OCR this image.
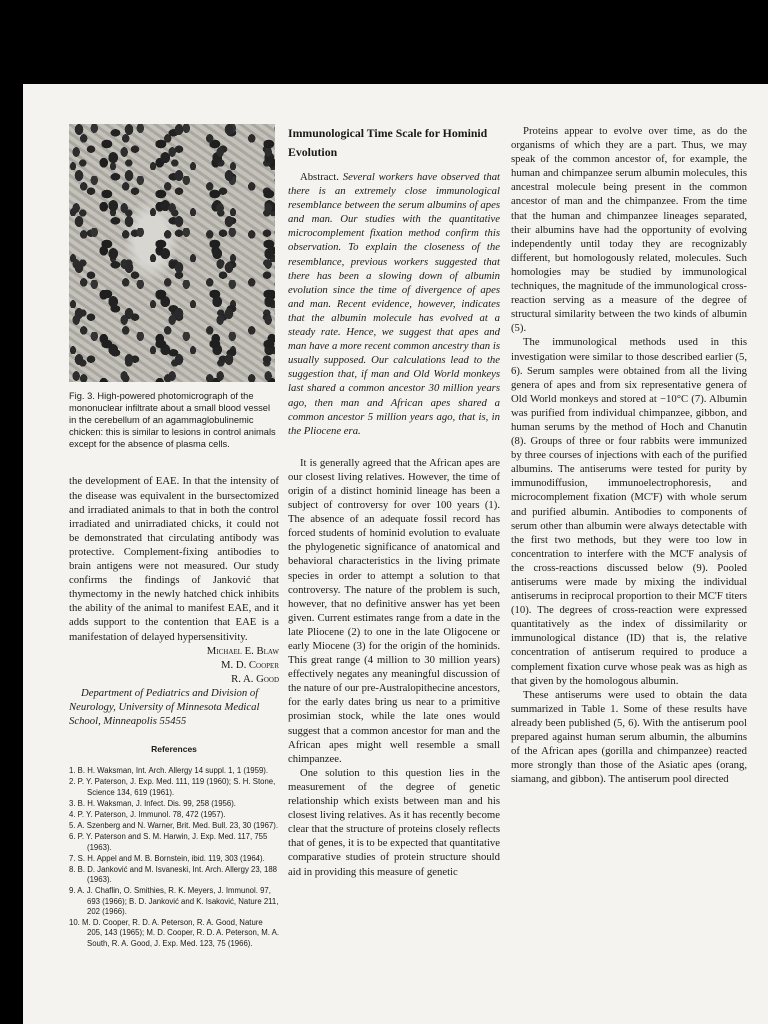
Fig. 3. High-powered photomicrograph of the mononuclear infiltrate about a small blood vessel in the cerebellum of an agammaglobulinemic chicken: this is similar to lesions in control animals except for the absence of plasma cells.

the development of EAE. In that the intensity of the disease was equivalent in the bursectomized and irradiated animals to that in both the control irradiated and unirradiated chicks, it could not be demonstrated that circulating antibody was protective. Complement-fixing antibodies to brain antigens were not measured. Our study confirms the findings of Janković that thymectomy in the newly hatched chick inhibits the ability of the animal to manifest EAE, and it adds support to the contention that EAE is a manifestation of delayed hypersensitivity.

Michael E. Blaw

M. D. Cooper

R. A. Good

Department of Pediatrics and Division of Neurology, University of Minnesota Medical School, Minneapolis 55455

References
1. B. H. Waksman, Int. Arch. Allergy 14 suppl. 1, 1 (1959).
2. P. Y. Paterson, J. Exp. Med. 111, 119 (1960); S. H. Stone, Science 134, 619 (1961).
3. B. H. Waksman, J. Infect. Dis. 99, 258 (1956).
4. P. Y. Paterson, J. Immunol. 78, 472 (1957).
5. A. Szenberg and N. Warner, Brit. Med. Bull. 23, 30 (1967).
6. P. Y. Paterson and S. M. Harwin, J. Exp. Med. 117, 755 (1963).
7. S. H. Appel and M. B. Bornstein, ibid. 119, 303 (1964).
8. B. D. Janković and M. Isvaneski, Int. Arch. Allergy 23, 188 (1963).
9. A. J. Chaflin, O. Smithies, R. K. Meyers, J. Immunol. 97, 693 (1966); B. D. Janković and K. Isaković, Nature 211, 202 (1966).
10. M. D. Cooper, R. D. A. Peterson, R. A. Good, Nature 205, 143 (1965); M. D. Cooper, R. D. A. Peterson, M. A. South, R. A. Good, J. Exp. Med. 123, 75 (1966).
Immunological Time Scale for Hominid Evolution

Abstract. Several workers have observed that there is an extremely close immunological resemblance between the serum albumins of apes and man. Our studies with the quantitative microcomplement fixation method confirm this observation. To explain the closeness of the resemblance, previous workers suggested that there has been a slowing down of albumin evolution since the time of divergence of apes and man. Recent evidence, however, indicates that the albumin molecule has evolved at a steady rate. Hence, we suggest that apes and man have a more recent common ancestry than is usually supposed. Our calculations lead to the suggestion that, if man and Old World monkeys last shared a common ancestor 30 million years ago, then man and African apes shared a common ancestor 5 million years ago, that is, in the Pliocene era.

It is generally agreed that the African apes are our closest living relatives. However, the time of origin of a distinct hominid lineage has been a subject of controversy for over 100 years (1). The absence of an adequate fossil record has forced students of hominid evolution to evaluate the phylogenetic significance of anatomical and behavioral characteristics in the living primate species in order to attempt a solution to that controversy. The nature of the problem is such, however, that no definitive answer has yet been given. Current estimates range from a date in the late Pliocene (2) to one in the late Oligocene or early Miocene (3) for the origin of the hominids. This great range (4 million to 30 million years) effectively negates any meaningful discussion of the nature of our pre-Australopithecine ancestors, for the early dates bring us near to a primitive prosimian stock, while the late ones would suggest that a common ancestor for man and the African apes might well resemble a small chimpanzee.

One solution to this question lies in the measurement of the degree of genetic relationship which exists between man and his closest living relatives. As it has recently become clear that the structure of proteins closely reflects that of genes, it is to be expected that quantitative comparative studies of protein structure should aid in providing this measure of genetic

Proteins appear to evolve over time, as do the organisms of which they are a part. Thus, we may speak of the common ancestor of, for example, the human and chimpanzee serum albumin molecules, this ancestral molecule being present in the common ancestor of man and the chimpanzee. From the time that the human and chimpanzee lineages separated, their albumins have had the opportunity of evolving independently until today they are recognizably different, but homologously related, molecules. Such homologies may be studied by immunological techniques, the magnitude of the immunological cross-reaction serving as a measure of the degree of structural similarity between the two kinds of albumin (5).

The immunological methods used in this investigation were similar to those described earlier (5, 6). Serum samples were obtained from all the living genera of apes and from six representative genera of Old World monkeys and stored at −10°C (7). Albumin was purified from individual chimpanzee, gibbon, and human serums by the method of Hoch and Chanutin (8). Groups of three or four rabbits were immunized by three courses of injections with each of the purified albumins. The antiserums were tested for purity by immunodiffusion, immunoelectrophoresis, and microcomplement fixation (MC'F) with whole serum and purified albumin. Antibodies to components of serum other than albumin were always detectable with the first two methods, but they were too low in concentration to interfere with the MC'F analysis of the cross-reactions discussed below (9). Pooled antiserums were made by mixing the individual antiserums in reciprocal proportion to their MC'F titers (10). The degrees of cross-reaction were expressed quantitatively as the index of dissimilarity or immunological distance (ID) that is, the relative concentration of antiserum required to produce a complement fixation curve whose peak was as high as that given by the homologous albumin.

These antiserums were used to obtain the data summarized in Table 1. Some of these results have already been published (5, 6). With the antiserum pool prepared against human serum albumin, the albumins of the African apes (gorilla and chimpanzee) reacted more strongly than those of the Asiatic apes (orang, siamang, and gibbon). The antiserum pool directed
